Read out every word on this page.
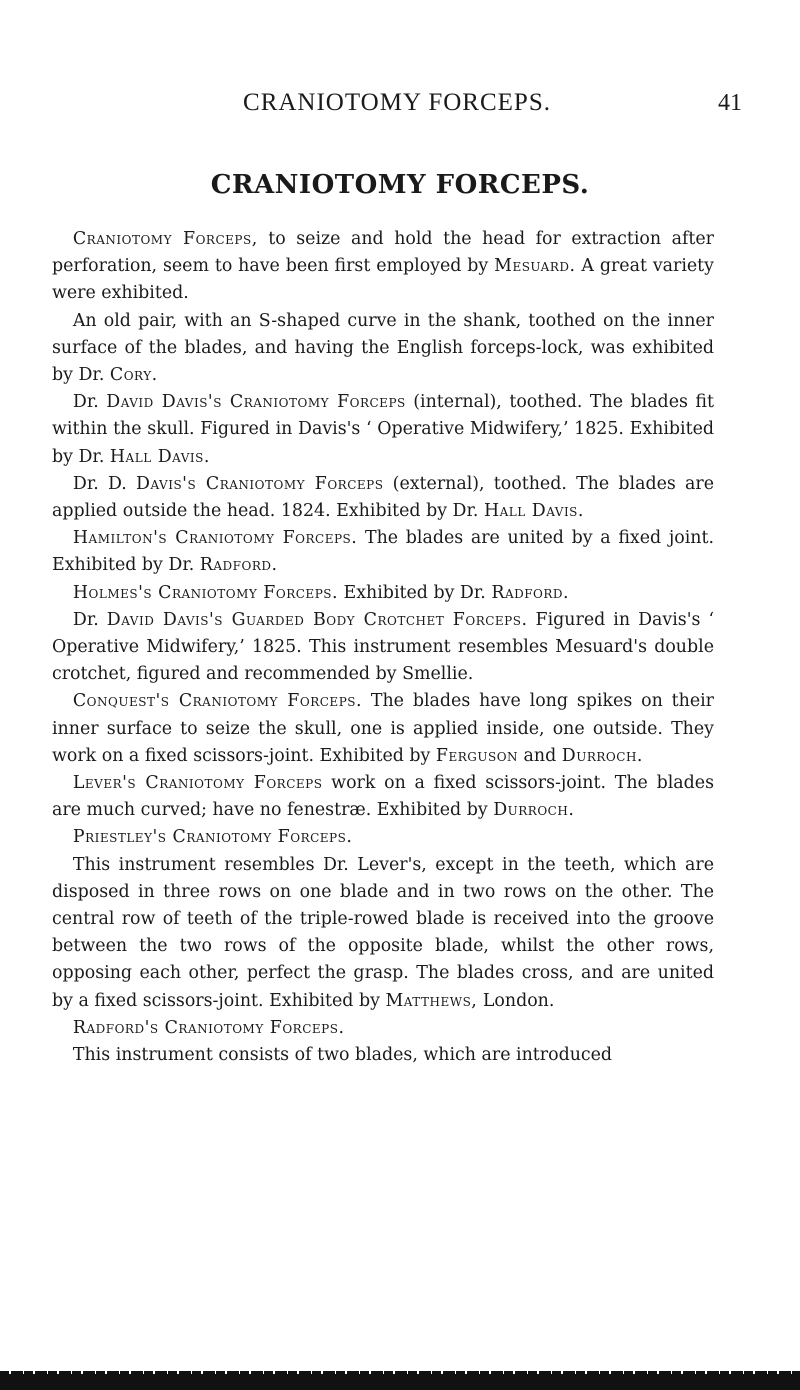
CRANIOTOMY FORCEPS.	41
CRANIOTOMY FORCEPS.

Craniotomy Forceps, to seize and hold the head for extraction after perforation, seem to have been first employed by Mesuard. A great variety were exhibited.

An old pair, with an S-shaped curve in the shank, toothed on the inner surface of the blades, and having the English forceps-lock, was exhibited by Dr. Cory.

Dr. David Davis's Craniotomy Forceps (internal), toothed. The blades fit within the skull. Figured in Davis's ‘ Operative Midwifery,’ 1825. Exhibited by Dr. Hall Davis.

Dr. D. Davis's Craniotomy Forceps (external), toothed. The blades are applied outside the head. 1824. Exhibited by Dr. Hall Davis.

Hamilton's Craniotomy Forceps. The blades are united by a fixed joint. Exhibited by Dr. Radford.

Holmes's Craniotomy Forceps. Exhibited by Dr. Radford.

Dr. David Davis's Guarded Body Crotchet Forceps. Figured in Davis's ‘ Operative Midwifery,’ 1825. This instrument resembles Mesuard's double crotchet, figured and recommended by Smellie.

Conquest's Craniotomy Forceps. The blades have long spikes on their inner surface to seize the skull, one is applied inside, one outside. They work on a fixed scissors-joint. Exhibited by Ferguson and Durroch.

Lever's Craniotomy Forceps work on a fixed scissors-joint. The blades are much curved; have no fenestræ. Exhibited by Durroch.

Priestley's Craniotomy Forceps.

This instrument resembles Dr. Lever's, except in the teeth, which are disposed in three rows on one blade and in two rows on the other. The central row of teeth of the triple-rowed blade is received into the groove between the two rows of the opposite blade, whilst the other rows, opposing each other, perfect the grasp. The blades cross, and are united by a fixed scissors-joint. Exhibited by Matthews, London.

Radford's Craniotomy Forceps.

This instrument consists of two blades, which are introduced
